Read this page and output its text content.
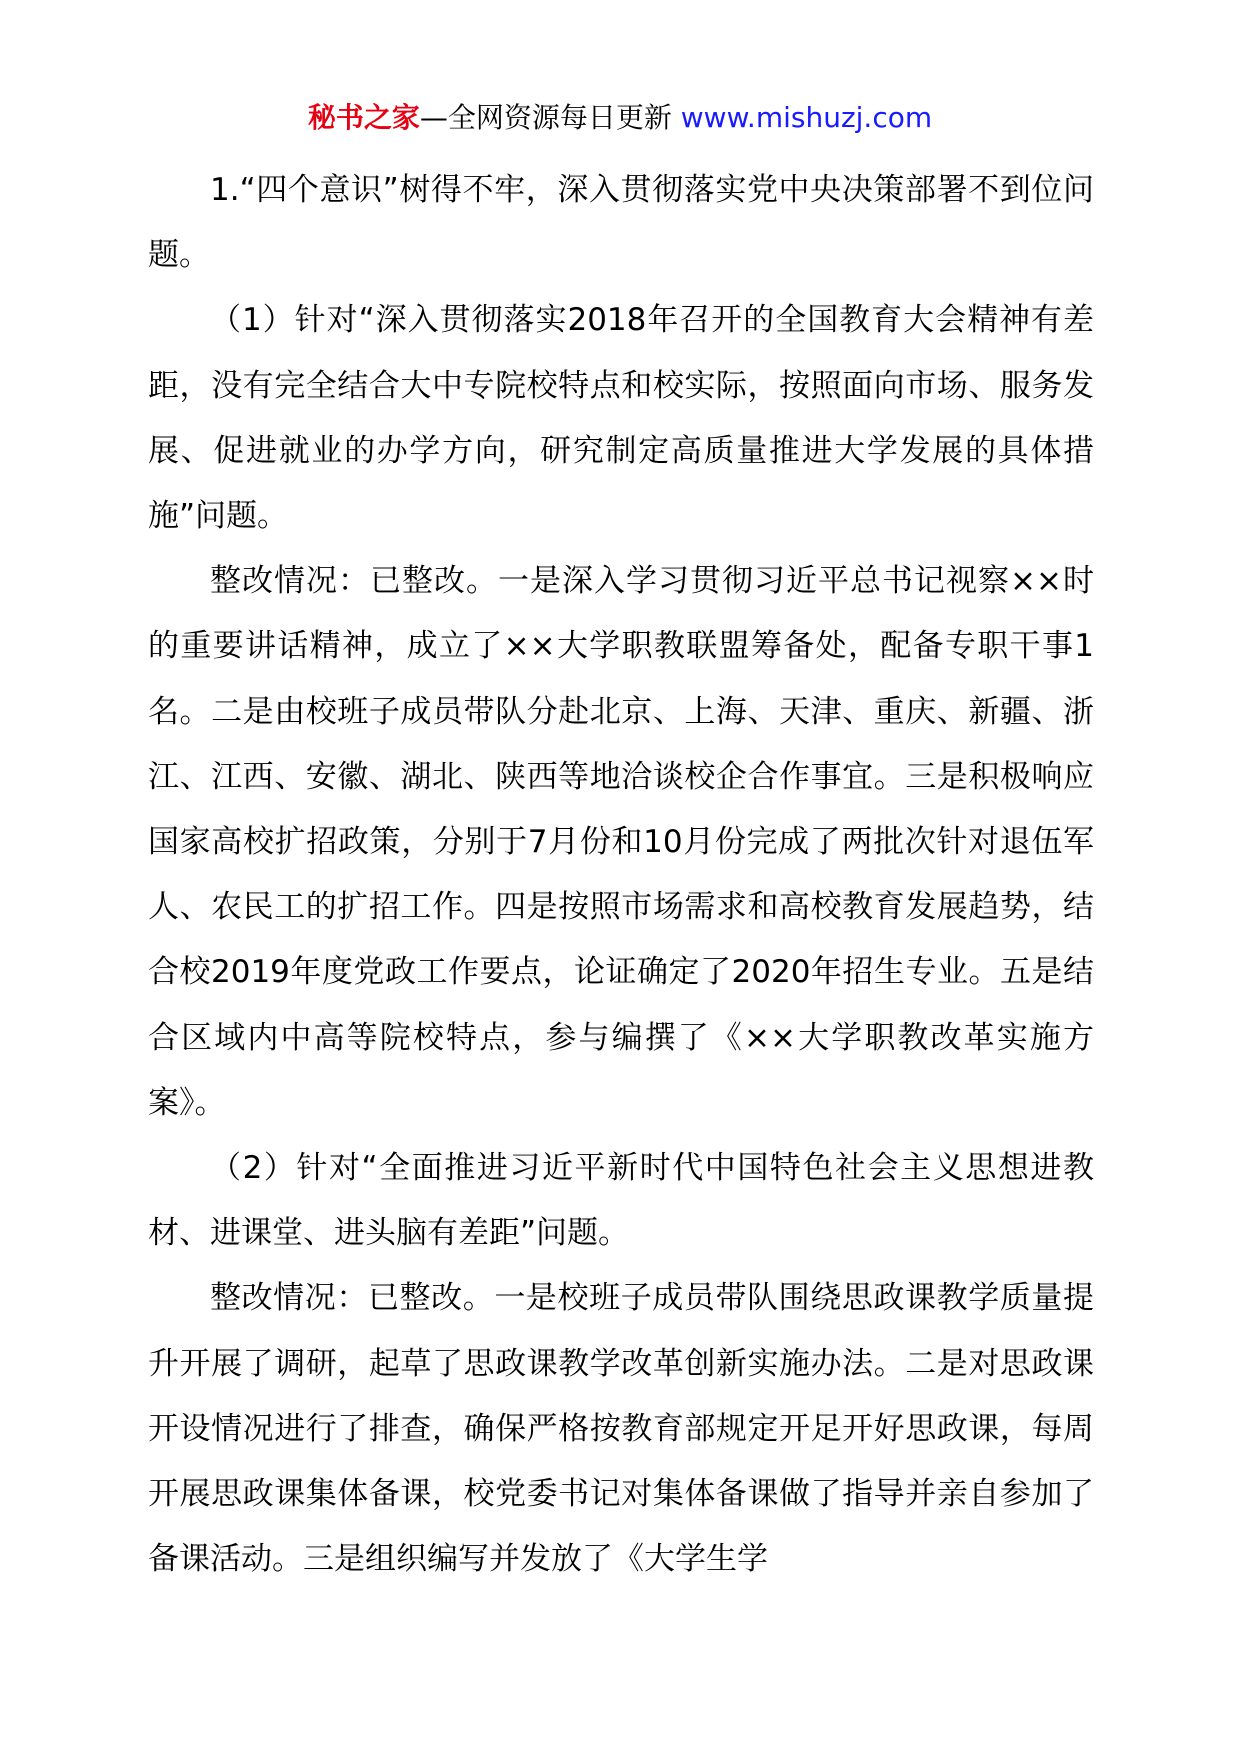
秘书之家—全网资源每日更新 www.mishuzj.com

1.“四个意识”树得不牢，深入贯彻落实党中央决策部署不到位问题。

（1）针对“深入贯彻落实2018年召开的全国教育大会精神有差距，没有完全结合大中专院校特点和校实际，按照面向市场、服务发展、促进就业的办学方向，研究制定高质量推进大学发展的具体措施”问题。

整改情况：已整改。一是深入学习贯彻习近平总书记视察××时的重要讲话精神，成立了××大学职教联盟筹备处，配备专职干事1名。二是由校班子成员带队分赴北京、上海、天津、重庆、新疆、浙江、江西、安徽、湖北、陕西等地洽谈校企合作事宜。三是积极响应国家高校扩招政策，分别于7月份和10月份完成了两批次针对退伍军人、农民工的扩招工作。四是按照市场需求和高校教育发展趋势，结合校2019年度党政工作要点，论证确定了2020年招生专业。五是结合区域内中高等院校特点，参与编撰了《××大学职教改革实施方案》。

（2）针对“全面推进习近平新时代中国特色社会主义思想进教材、进课堂、进头脑有差距”问题。

整改情况：已整改。一是校班子成员带队围绕思政课教学质量提升开展了调研，起草了思政课教学改革创新实施办法。二是对思政课开设情况进行了排查，确保严格按教育部规定开足开好思政课，每周开展思政课集体备课，校党委书记对集体备课做了指导并亲自参加了备课活动。三是组织编写并发放了《大学生学
